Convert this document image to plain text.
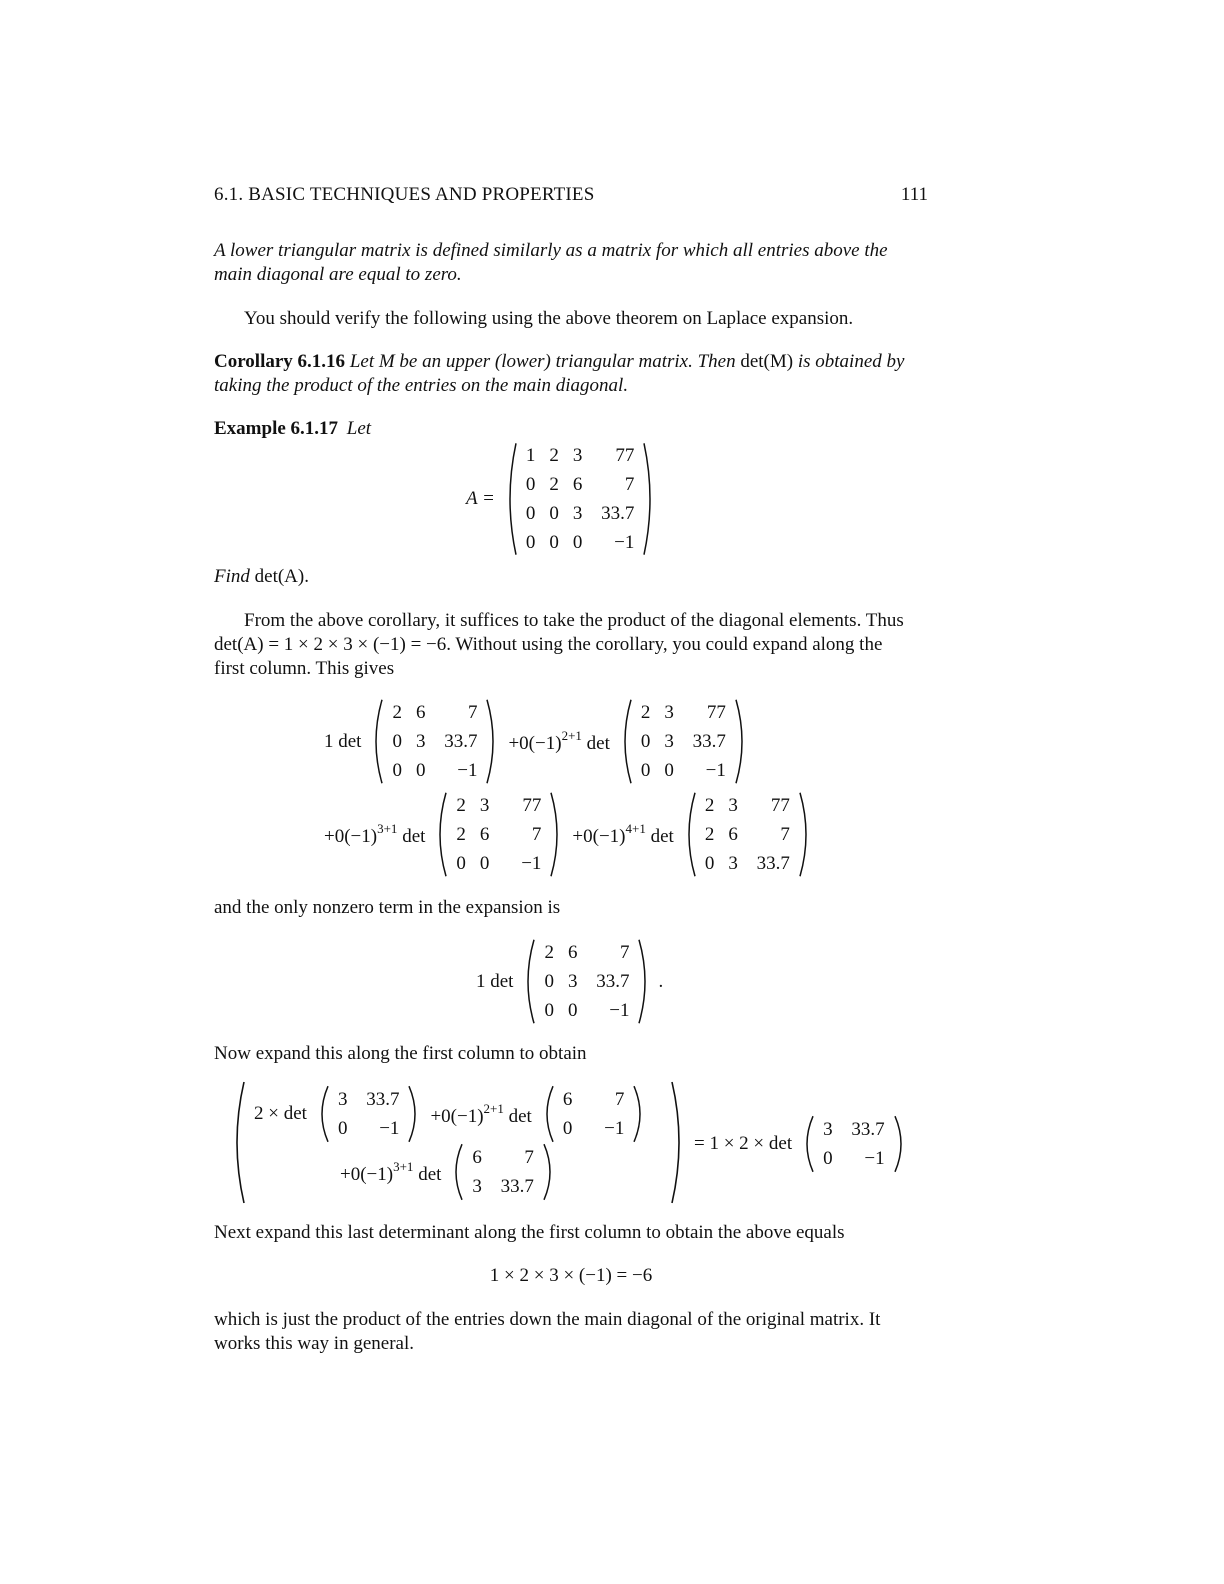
6.1. BASIC TECHNIQUES AND PROPERTIES	111
A lower triangular matrix is defined similarly as a matrix for which all entries above the main diagonal are equal to zero.
You should verify the following using the above theorem on Laplace expansion.
Corollary 6.1.16 Let M be an upper (lower) triangular matrix. Then det(M) is obtained by taking the product of the entries on the main diagonal.
Example 6.1.17 Let
A =
1	2	3	77
0	2	6	7
0	0	3	33.7
0	0	0	−1
Find det(A).
From the above corollary, it suffices to take the product of the diagonal elements. Thus
det(A) = 1 × 2 × 3 × (−1) = −6. Without using the corollary, you could expand along the
first column. This gives
1 det
2	6	7
0	3	33.7
0	0	−1
$+0(-1)^{2+1}$ det
2	3	77
0	3	33.7
0	0	−1
$+0(-1)^{3+1}$ det
2	3	77
2	6	7
0	0	−1
$+0(-1)^{4+1}$ det
2	3	77
2	6	7
0	3	33.7
and the only nonzero term in the expansion is
1 det
2	6	7
0	3	33.7
0	0	−1
.
Now expand this along the first column to obtain
2 × det
3	33.7
0	−1
$+0(-1)^{2+1}$ det
6	7
0	−1
$+0(-1)^{3+1}$ det
6	7
3	33.7
= 1 × 2 × det
3	33.7
0	−1
Next expand this last determinant along the first column to obtain the above equals
1 × 2 × 3 × (−1) = −6
which is just the product of the entries down the main diagonal of the original matrix. It works this way in general.
